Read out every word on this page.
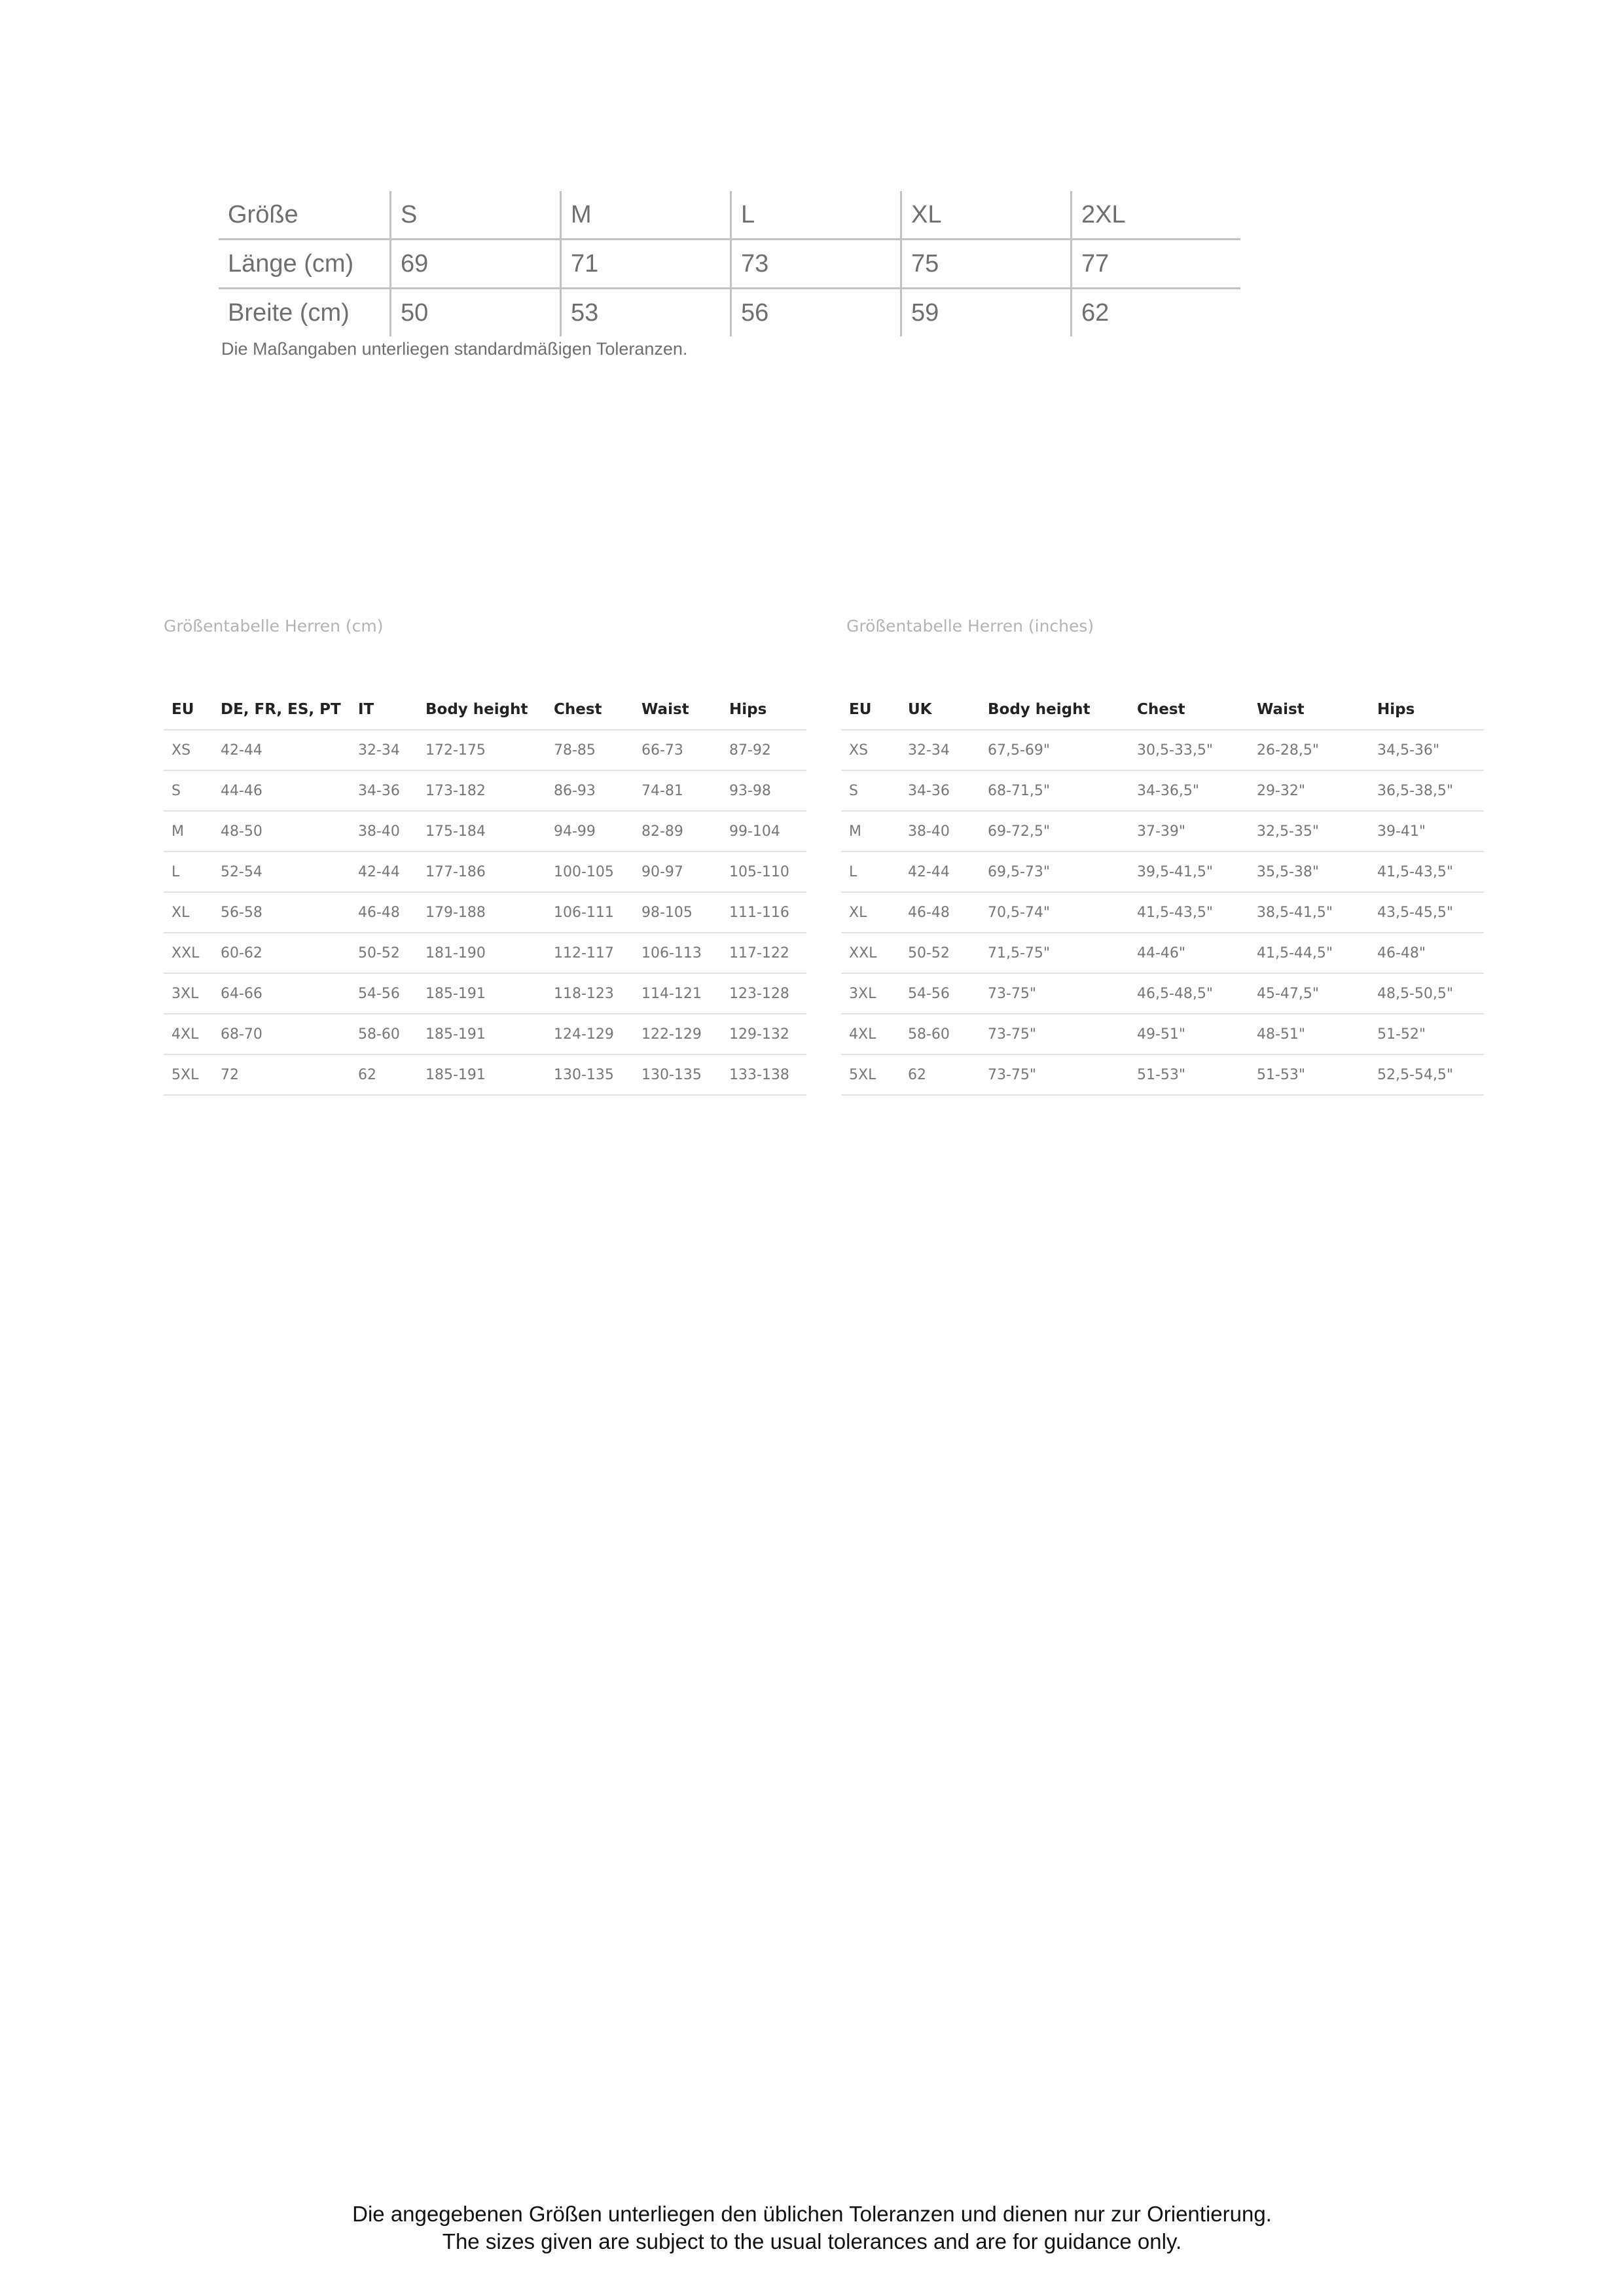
Größe	S	M	L	XL	2XL
Länge (cm)	69	71	73	75	77
Breite (cm)	50	53	56	59	62
Die Maßangaben unterliegen standardmäßigen Toleranzen.
Größentabelle Herren (cm)
EU	DE, FR, ES, PT	IT	Body height	Chest	Waist	Hips
XS	42-44	32-34	172-175	78-85	66-73	87-92
S	44-46	34-36	173-182	86-93	74-81	93-98
M	48-50	38-40	175-184	94-99	82-89	99-104
L	52-54	42-44	177-186	100-105	90-97	105-110
XL	56-58	46-48	179-188	106-111	98-105	111-116
XXL	60-62	50-52	181-190	112-117	106-113	117-122
3XL	64-66	54-56	185-191	118-123	114-121	123-128
4XL	68-70	58-60	185-191	124-129	122-129	129-132
5XL	72	62	185-191	130-135	130-135	133-138
Größentabelle Herren (inches)
EU	UK	Body height	Chest	Waist	Hips
XS	32-34	67,5-69"	30,5-33,5"	26-28,5"	34,5-36"
S	34-36	68-71,5"	34-36,5"	29-32"	36,5-38,5"
M	38-40	69-72,5"	37-39"	32,5-35"	39-41"
L	42-44	69,5-73"	39,5-41,5"	35,5-38"	41,5-43,5"
XL	46-48	70,5-74"	41,5-43,5"	38,5-41,5"	43,5-45,5"
XXL	50-52	71,5-75"	44-46"	41,5-44,5"	46-48"
3XL	54-56	73-75"	46,5-48,5"	45-47,5"	48,5-50,5"
4XL	58-60	73-75"	49-51"	48-51"	51-52"
5XL	62	73-75"	51-53"	51-53"	52,5-54,5"
Die angegebenen Größen unterliegen den üblichen Toleranzen und dienen nur zur Orientierung.
The sizes given are subject to the usual tolerances and are for guidance only.
